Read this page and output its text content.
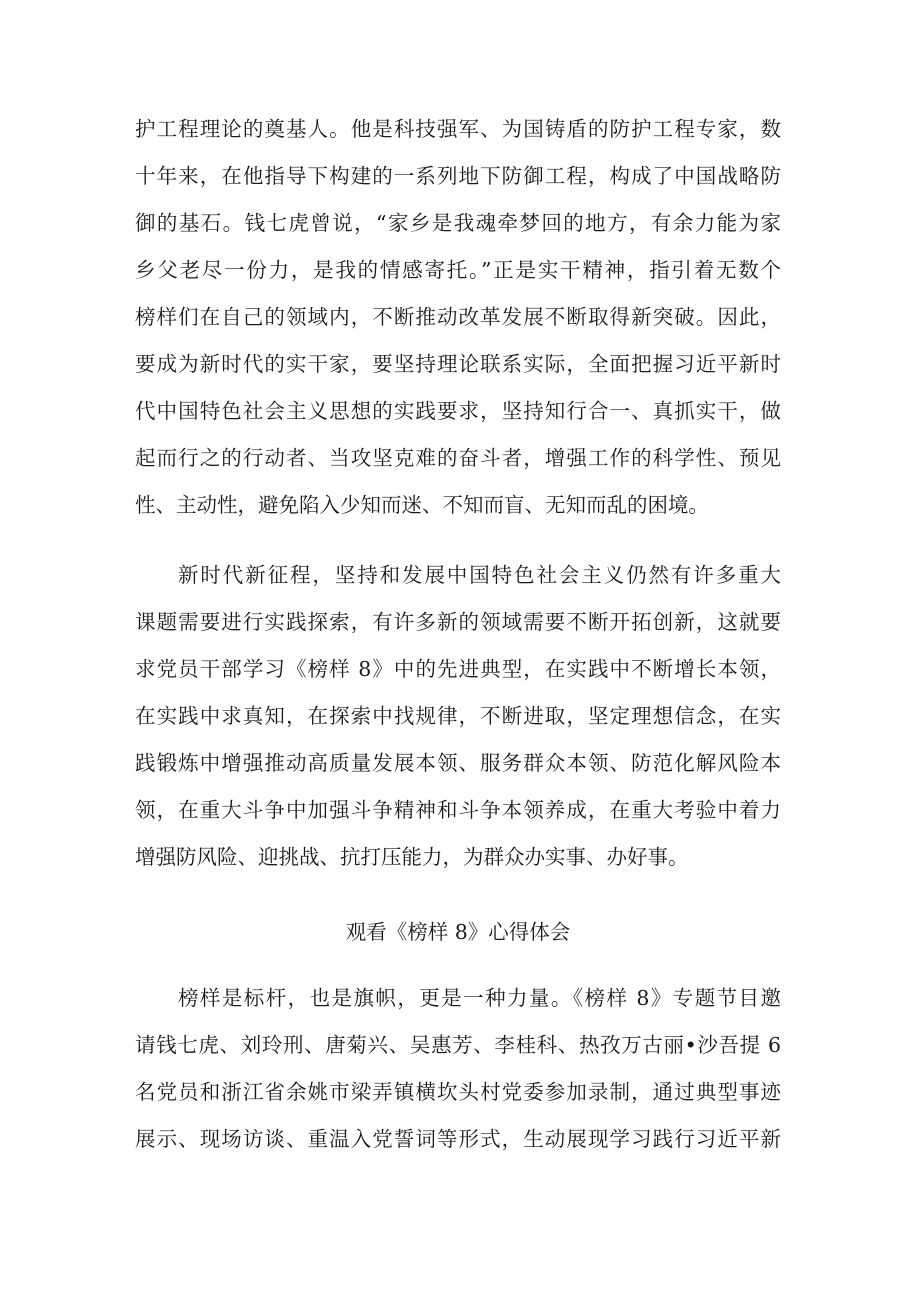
护工程理论的奠基人。他是科技强军、为国铸盾的防护工程专家，数
十年来，在他指导下构建的一系列地下防御工程，构成了中国战略防
御的基石。钱七虎曾说，“家乡是我魂牵梦回的地方，有余力能为家
乡父老尽一份力，是我的情感寄托。”正是实干精神，指引着无数个
榜样们在自己的领域内，不断推动改革发展不断取得新突破。因此，
要成为新时代的实干家，要坚持理论联系实际，全面把握习近平新时
代中国特色社会主义思想的实践要求，坚持知行合一、真抓实干，做
起而行之的行动者、当攻坚克难的奋斗者，增强工作的科学性、预见
性、主动性，避免陷入少知而迷、不知而盲、无知而乱的困境。
新时代新征程，坚持和发展中国特色社会主义仍然有许多重大
课题需要进行实践探索，有许多新的领域需要不断开拓创新，这就要
求党员干部学习《榜样 8》中的先进典型，在实践中不断增长本领，
在实践中求真知，在探索中找规律，不断进取，坚定理想信念，在实
践锻炼中增强推动高质量发展本领、服务群众本领、防范化解风险本
领，在重大斗争中加强斗争精神和斗争本领养成，在重大考验中着力
增强防风险、迎挑战、抗打压能力，为群众办实事、办好事。
观看《榜样 8》心得体会
榜样是标杆，也是旗帜，更是一种力量。《榜样 8》专题节目邀
请钱七虎、刘玲刑、唐菊兴、吴惠芳、李桂科、热孜万古丽•沙吾提 6
名党员和浙江省余姚市梁弄镇横坎头村党委参加录制，通过典型事迹
展示、现场访谈、重温入党誓词等形式，生动展现学习践行习近平新
